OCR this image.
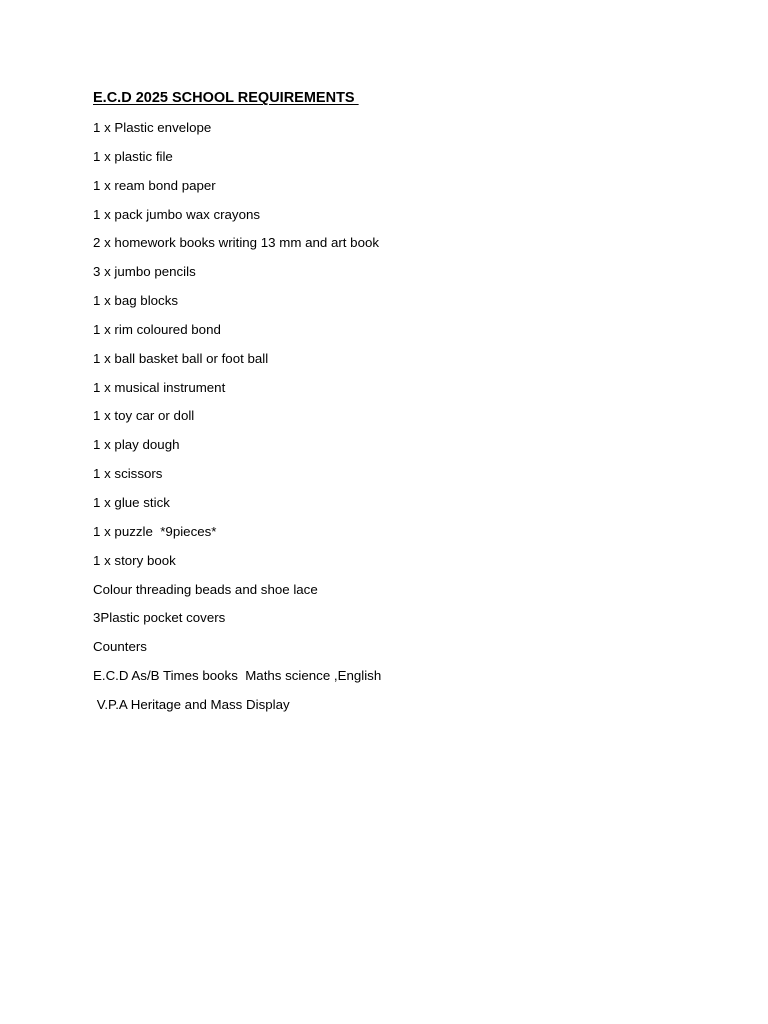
E.C.D 2025 SCHOOL REQUIREMENTS
1 x Plastic envelope
1 x plastic file
1 x ream bond paper
1 x pack jumbo wax crayons
2 x homework books writing 13 mm and art book
3 x jumbo pencils
1 x bag blocks
1 x rim coloured bond
1 x ball basket ball or foot ball
1 x musical instrument
1 x toy car or doll
1 x play dough
1 x scissors
1 x glue stick
1 x puzzle  *9pieces*
1 x story book
Colour threading beads and shoe lace
3Plastic pocket covers
Counters
E.C.D As/B Times books  Maths science ,English
V.P.A Heritage and Mass Display
